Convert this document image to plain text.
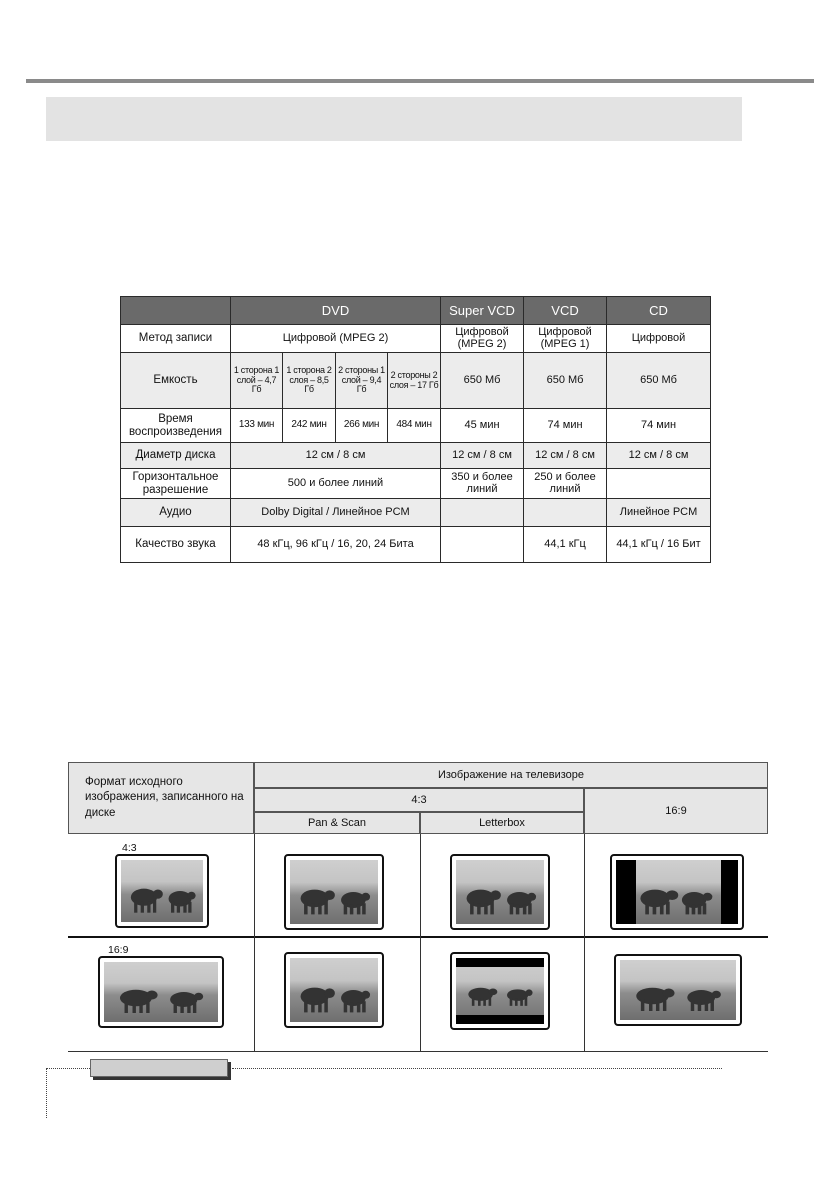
	DVD				Super VCD	VCD	CD
Метод записи	Цифровой (MPEG 2)				Цифровой (MPEG 2)	Цифровой (MPEG 1)	Цифровой
Емкость	1 сторона 1 слой – 4,7 Гб	1 сторона 2 слоя – 8,5 Гб	2 стороны 1 слой – 9,4 Гб	2 стороны 2 слоя – 17 Гб	650 Мб	650 Мб	650 Мб
Время воспроизведения	133 мин	242 мин	266 мин	484 мин	45 мин	74 мин	74 мин
Диаметр диска	12 см / 8 см				12 см / 8 см	12 см / 8 см	12 см / 8 см
Горизонтальное разрешение	500 и более линий				350 и более линий	250 и более линий	
Аудио	Dolby Digital / Линейное PCM						Линейное PCM
Качество звука	48 кГц, 96 кГц / 16, 20, 24 Бита					44,1 кГц	44,1 кГц / 16 Бит
Формат исходного изображения, записанного на диске
Изображение на телевизоре
4:3
16:9
Pan & Scan	Letterbox
4:3
16:9
